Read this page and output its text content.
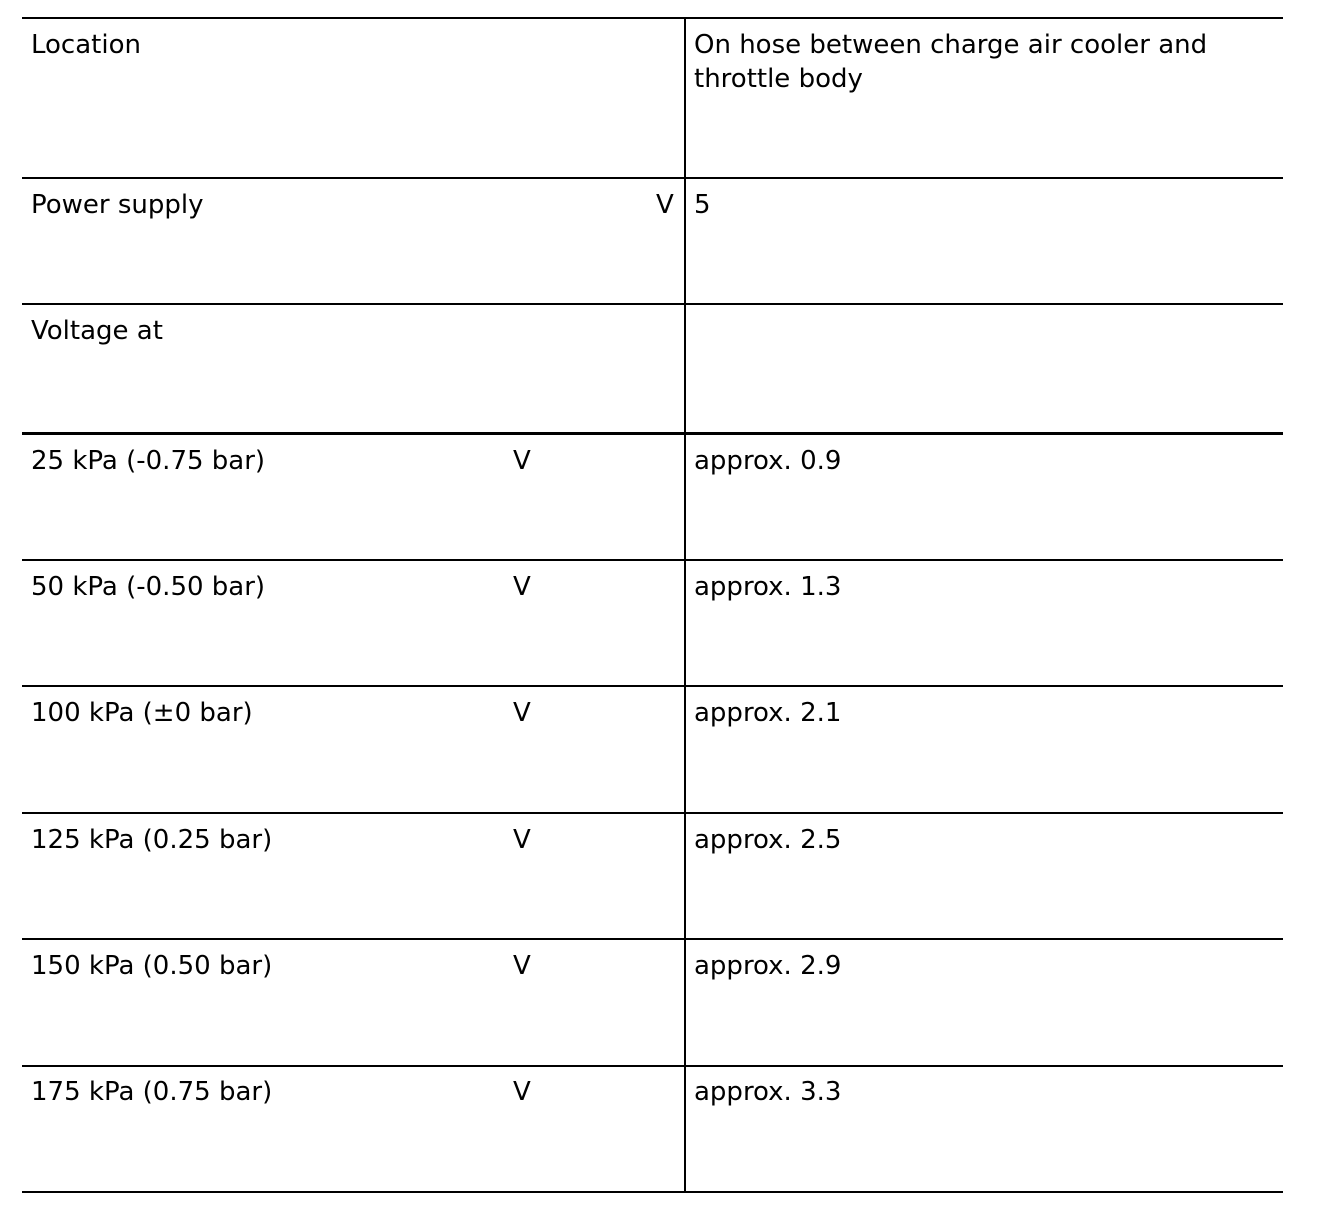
Location	On hose between charge air cooler and throttle body
Power supply	V 5
Voltage at
25 kPa (-0.75 bar)	V	approx. 0.9
50 kPa (-0.50 bar)	V	approx. 1.3
100 kPa (±0 bar)	V	approx. 2.1
125 kPa (0.25 bar)	V	approx. 2.5
150 kPa (0.50 bar)	V	approx. 2.9
175 kPa (0.75 bar)	V	approx. 3.3
